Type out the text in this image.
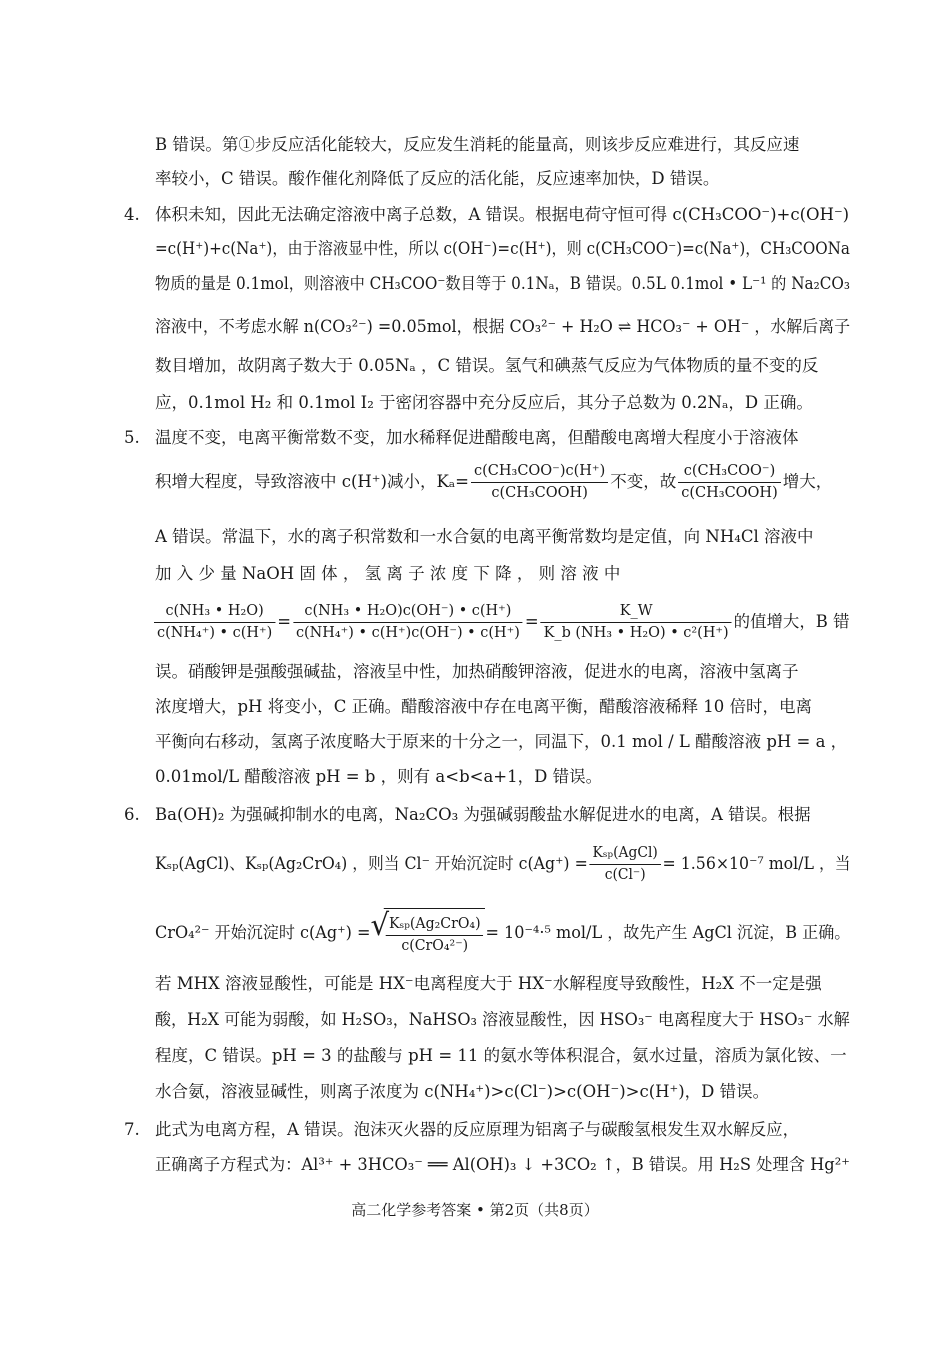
B 错误。第①步反应活化能较大，反应发生消耗的能量高，则该步反应难进行，其反应速
率较小，C 错误。酸作催化剂降低了反应的活化能，反应速率加快，D 错误。
4. 体积未知，因此无法确定溶液中离子总数，A 错误。根据电荷守恒可得 c(CH₃COO⁻)+c(OH⁻)
=c(H⁺)+c(Na⁺)，由于溶液显中性，所以 c(OH⁻)=c(H⁺)，则 c(CH₃COO⁻)=c(Na⁺)，CH₃COONa
物质的量是 0.1mol，则溶液中 CH₃COO⁻数目等于 0.1Nₐ，B 错误。0.5L 0.1mol • L⁻¹ 的 Na₂CO₃
溶液中，不考虑水解 n(CO₃²⁻) =0.05mol，根据 CO₃²⁻ + H₂O ⇌ HCO₃⁻ + OH⁻ ，水解后离子
数目增加，故阴离子数大于 0.05Nₐ ，C 错误。氢气和碘蒸气反应为气体物质的量不变的反
应，0.1mol H₂ 和 0.1mol I₂ 于密闭容器中充分反应后，其分子总数为 0.2Nₐ，D 正确。
5. 温度不变，电离平衡常数不变，加水稀释促进醋酸电离，但醋酸电离增大程度小于溶液体
积增大程度，导致溶液中 c(H⁺)减小，$K_a= \frac{\text{c(CH₃COO⁻)c(H⁺)}}{\text{c(CH₃COOH)}}$ 不变，故 $\frac{\text{c(CH₃COO⁻)}}{\text{c(CH₃COOH)}}$ 增大，
A 错误。常温下，水的离子积常数和一水合氨的电离平衡常数均是定值，向 NH₄Cl 溶液中
加 入 少 量 NaOH 固 体 ， 氢 离 子 浓 度 下 降 ， 则 溶 液 中
$\frac{\text{c(NH₃ • H₂O)}}{\text{c(NH₄⁺) • c(H⁺)}} = \frac{\text{c(NH₃ • H₂O)c(OH⁻) • c(H⁺)}}{\text{c(NH₄⁺) • c(H⁺)c(OH⁻) • c(H⁺)}} = \frac{K\_W}{\text{K\_b (NH₃ • H₂O) • c²(H⁺)}}$ 的值增大，B 错
误。硝酸钾是强酸强碱盐，溶液呈中性，加热硝酸钾溶液，促进水的电离，溶液中氢离子
浓度增大，pH 将变小，C 正确。醋酸溶液中存在电离平衡，醋酸溶液稀释 10 倍时，电离
平衡向右移动，氢离子浓度略大于原来的十分之一，同温下，0.1 mol / L 醋酸溶液 pH = a ，
0.01mol/L 醋酸溶液 pH = b ，则有 a<b<a+1，D 错误。
6. Ba(OH)₂ 为强碱抑制水的电离，Na₂CO₃ 为强碱弱酸盐水解促进水的电离，A 错误。根据
Kₛₚ(AgCl)、Kₛₚ(Ag₂CrO₄) ，则当 Cl⁻ 开始沉淀时 $c(Ag^+) = \frac{\text{Kₛₚ(AgCl)}}{c(Cl^-)} = 1.56\times 10^{-7}$ mol/L ，当
CrO₄²⁻ 开始沉淀时 c(Ag⁺) = √
$\frac{\text{Kₛₚ(Ag₂CrO₄)}}{\text{c(CrO₄²⁻)}} = 10^{-4}\cdot^5$ mol/L ，故先产生 AgCl 沉淀，B 正确。
若 MHX 溶液显酸性，可能是 HX⁻电离程度大于 HX⁻水解程度导致酸性，H₂X 不一定是强
酸，H₂X 可能为弱酸，如 H₂SO₃，NaHSO₃ 溶液显酸性，因 HSO₃⁻ 电离程度大于 HSO₃⁻ 水解
程度，C 错误。pH = 3 的盐酸与 pH = 11 的氨水等体积混合，氨水过量，溶质为氯化铵、一
水合氨，溶液显碱性，则离子浓度为 c(NH₄⁺)>c(Cl⁻)>c(OH⁻)>c(H⁺)，D 错误。
7. 此式为电离方程，A 错误。泡沫灭火器的反应原理为铝离子与碳酸氢根发生双水解反应，
正确离子方程式为：Al³⁺ + 3HCO₃⁻ ══ Al(OH)₃ ↓ +3CO₂ ↑，B 错误。用 H₂S 处理含 Hg²⁺
高二化学参考答案 • 第2页（共8页）
